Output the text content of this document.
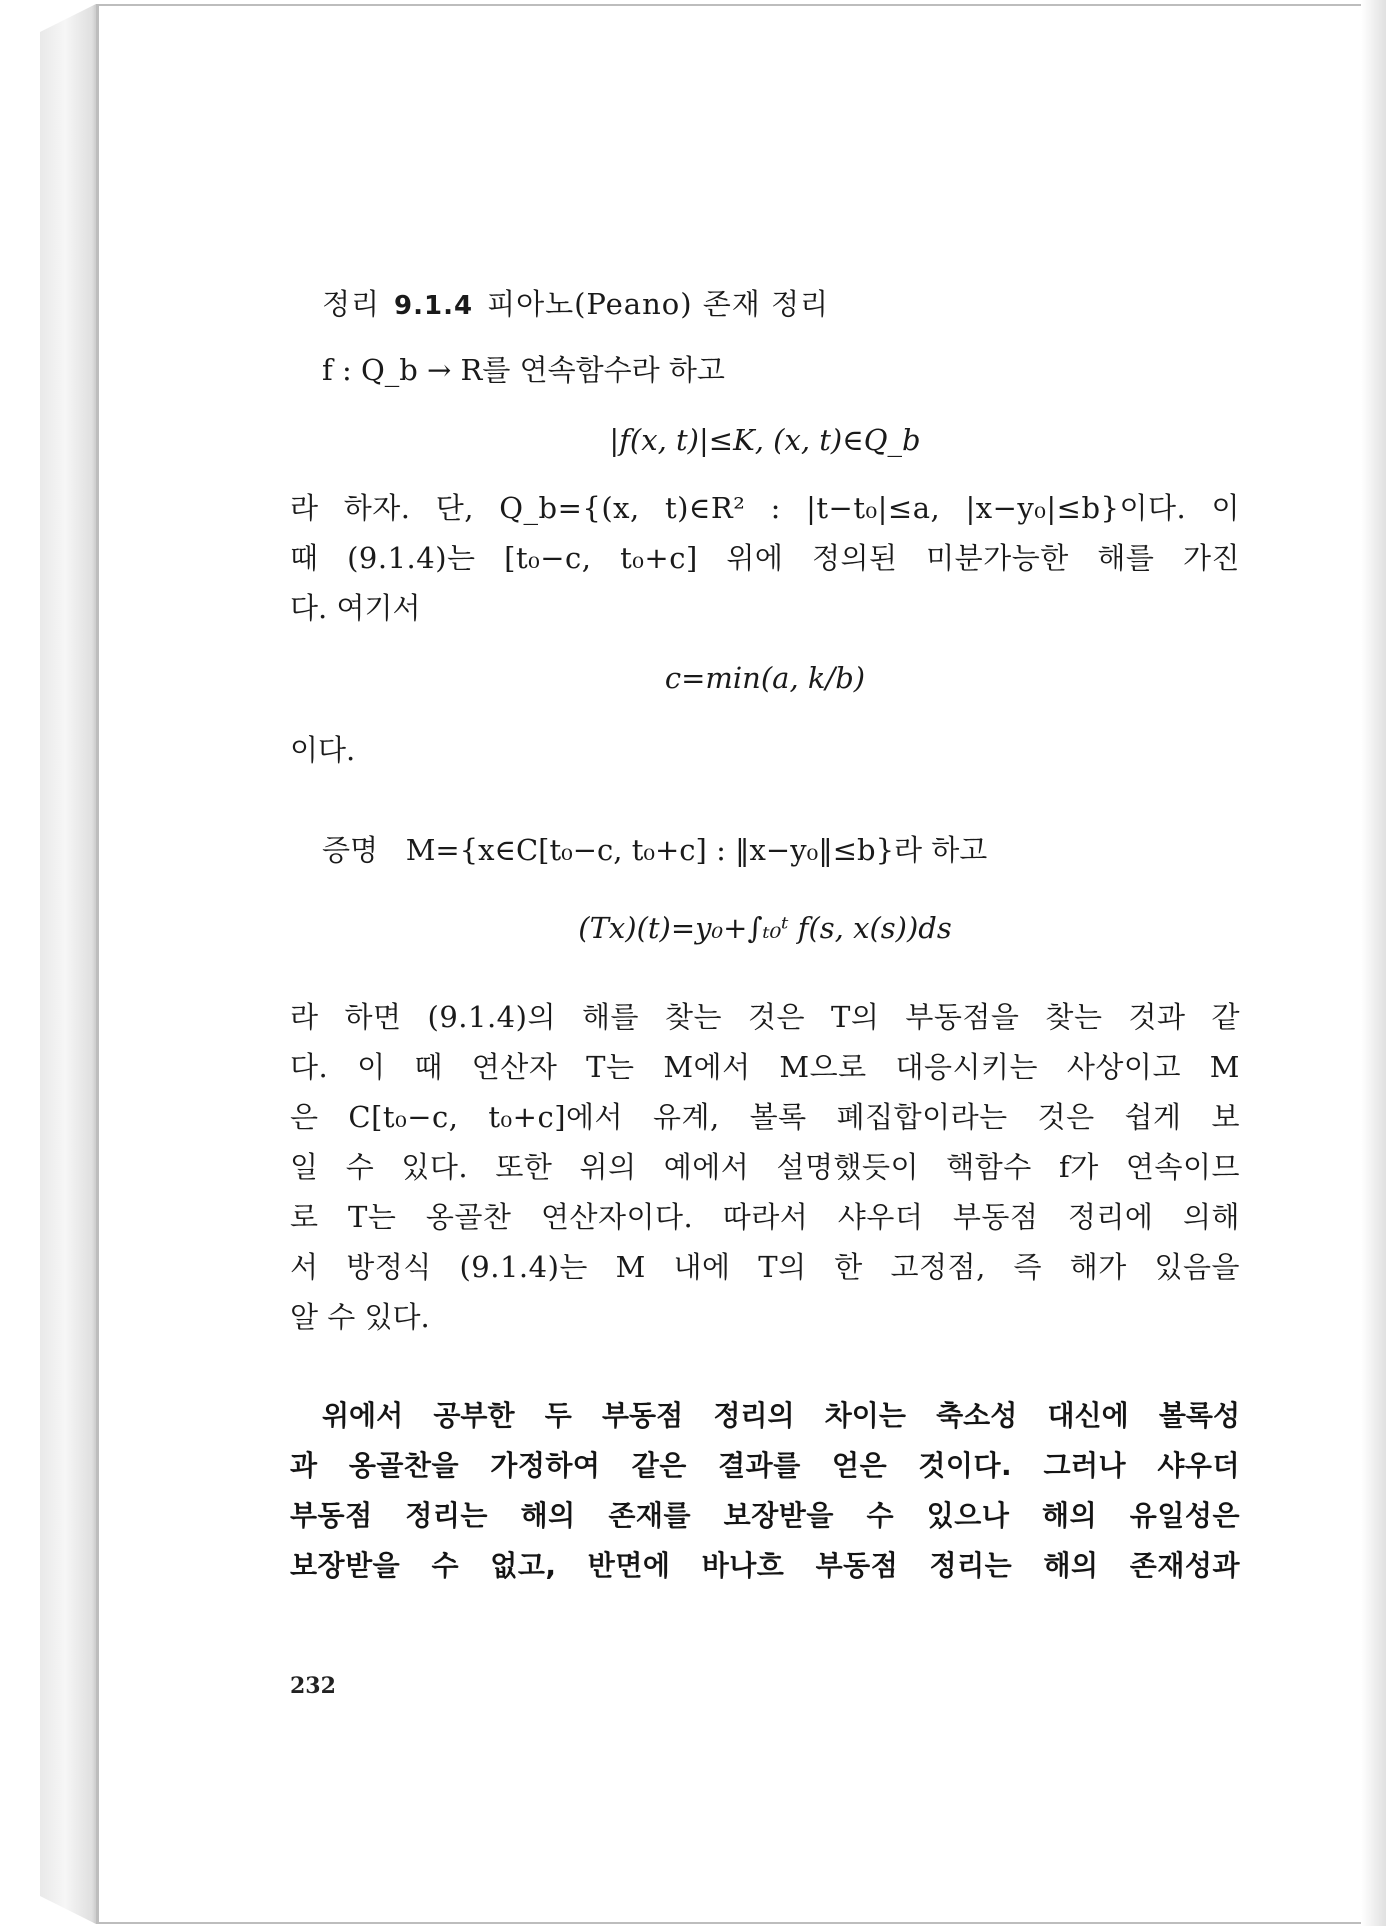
정리 9.1.4 피아노(Peano) 존재 정리
f : Q_b → R를 연속함수라 하고
|f(x, t)|≤K, (x, t)∈Q_b
라 하자. 단, Q_b={(x, t)∈R² : |t−t₀|≤a, |x−y₀|≤b}이다. 이
때 (9.1.4)는 [t₀−c, t₀+c] 위에 정의된 미분가능한 해를 가진
다. 여기서
c=min(a, k/b)
이다.
증명 M={x∈C[t₀−c, t₀+c] : ‖x−y₀‖≤b}라 하고
(Tx)(t)=y₀+∫ₜ₀ᵗ f(s, x(s))ds
라 하면 (9.1.4)의 해를 찾는 것은 T의 부동점을 찾는 것과 같
다. 이 때 연산자 T는 M에서 M으로 대응시키는 사상이고 M
은 C[t₀−c, t₀+c]에서 유계, 볼록 폐집합이라는 것은 쉽게 보
일 수 있다. 또한 위의 예에서 설명했듯이 핵함수 f가 연속이므
로 T는 옹골찬 연산자이다. 따라서 샤우더 부동점 정리에 의해
서 방정식 (9.1.4)는 M 내에 T의 한 고정점, 즉 해가 있음을
알 수 있다.
위에서 공부한 두 부동점 정리의 차이는 축소성 대신에 볼록성
과 옹골찬을 가정하여 같은 결과를 얻은 것이다. 그러나 샤우더
부동점 정리는 해의 존재를 보장받을 수 있으나 해의 유일성은
보장받을 수 없고, 반면에 바나흐 부동점 정리는 해의 존재성과
232
